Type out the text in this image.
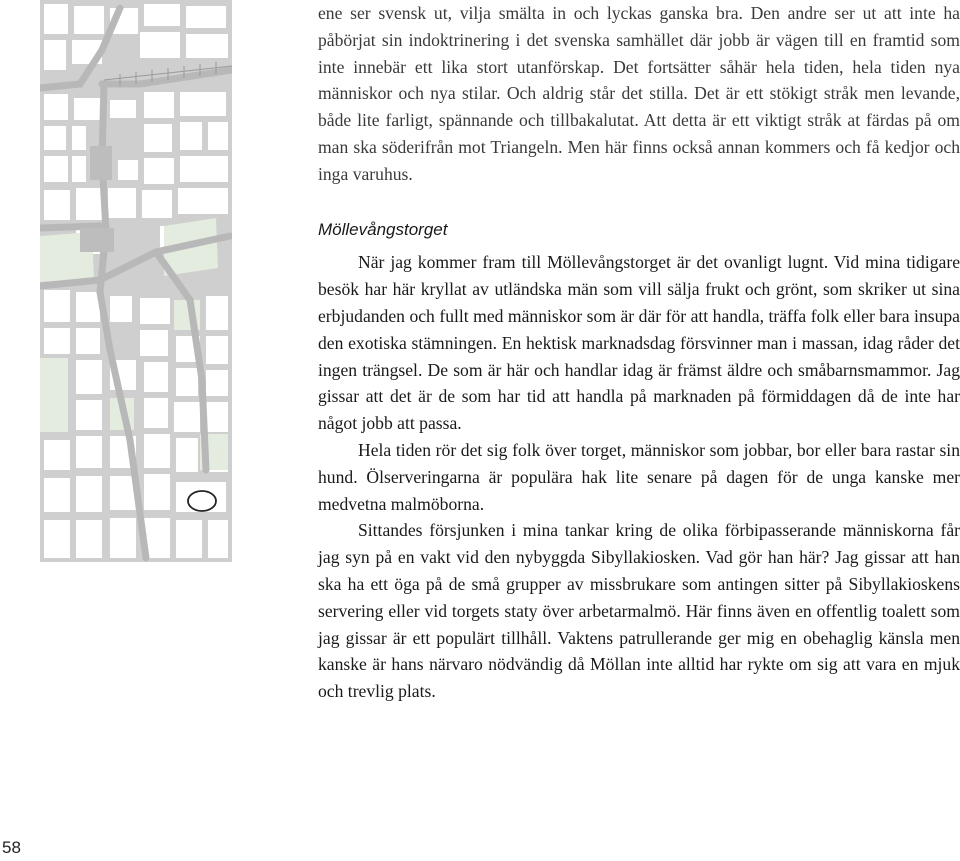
ene ser svensk ut, vilja smälta in och lyckas ganska bra. Den andre ser ut att inte ha påbörjat sin indoktrinering i det svenska samhället där jobb är vägen till en framtid som inte innebär ett lika stort utanförskap. Det fortsätter såhär hela tiden, hela tiden nya människor och nya stilar. Och aldrig står det stilla. Det är ett stökigt stråk men levande, både lite farligt, spännande och tillbakalutat. Att detta är ett viktigt stråk at färdas på om man ska söderifrån mot Triangeln. Men här finns också annan kommers och få kedjor och inga varuhus.

Möllevångstorget

När jag kommer fram till Möllevångstorget är det ovanligt lugnt. Vid mina tidigare besök har här kryllat av utländska män som vill sälja frukt och grönt, som skriker ut sina erbjudanden och fullt med människor som är där för att handla, träffa folk eller bara insupa den exotiska stämningen. En hektisk marknadsdag försvinner man i massan, idag råder det ingen trängsel. De som är här och handlar idag är främst äldre och småbarnsmammor. Jag gissar att det är de som har tid att handla på marknaden på förmiddagen då de inte har något jobb att passa.

Hela tiden rör det sig folk över torget, människor som jobbar, bor eller bara rastar sin hund. Ölserveringarna är populära hak lite senare på dagen för de unga kanske mer medvetna malmöborna.

Sittandes försjunken i mina tankar kring de olika förbipasserande människorna får jag syn på en vakt vid den nybyggda Sibyllakiosken. Vad gör han här? Jag gissar att han ska ha ett öga på de små grupper av missbrukare som antingen sitter på Sibyllakioskens servering eller vid torgets staty över arbetarmalmö. Här finns även en offentlig toalett som jag gissar är ett populärt tillhåll. Vaktens patrullerande ger mig en obehaglig känsla men kanske är hans närvaro nödvändig då Möllan inte alltid har rykte om sig att vara en mjuk och trevlig plats.

58
